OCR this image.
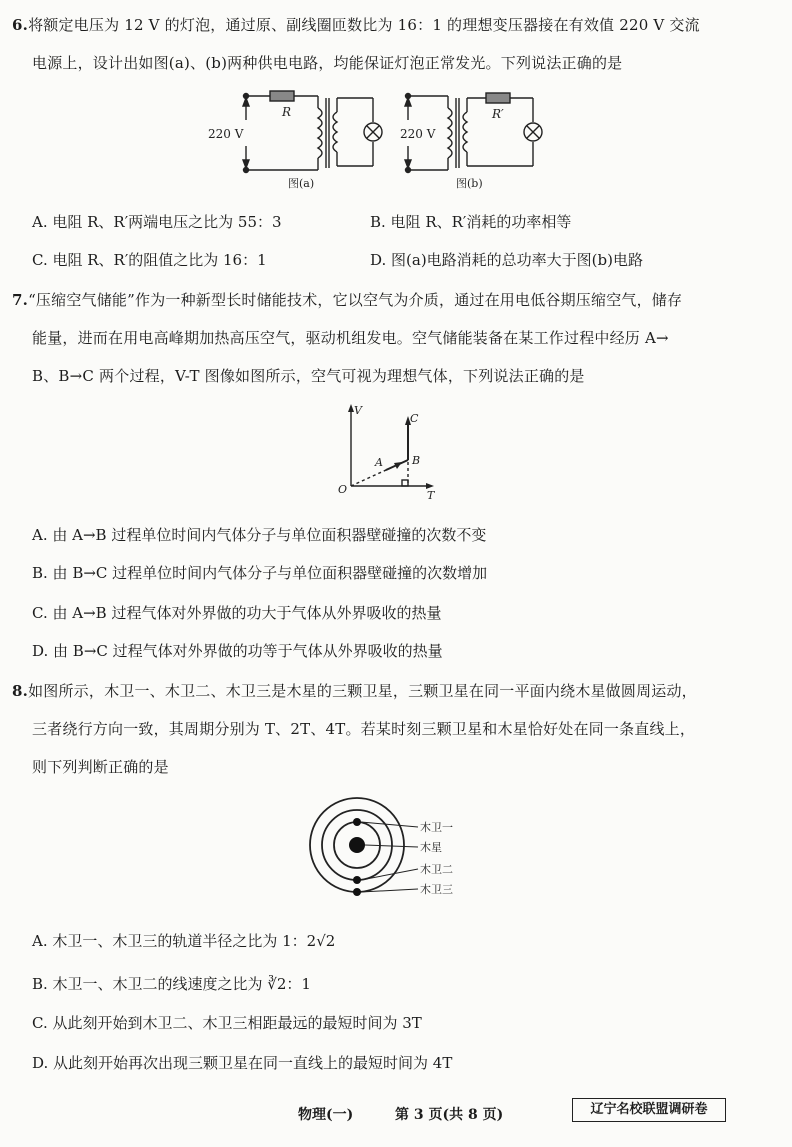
6.将额定电压为 12 V 的灯泡，通过原、副线圈匝数比为 16：1 的理想变压器接在有效值 220 V 交流
电源上，设计出如图(a)、(b)两种供电电路，均能保证灯泡正常发光。下列说法正确的是
220 V
R
图(a)
220 V
R′
图(b)
A. 电阻 R、R′两端电压之比为 55：3	B. 电阻 R、R′消耗的功率相等
C. 电阻 R、R′的阻值之比为 16：1	D. 图(a)电路消耗的总功率大于图(b)电路
7.“压缩空气储能”作为一种新型长时储能技术，它以空气为介质，通过在用电低谷期压缩空气，储存
能量，进而在用电高峰期加热高压空气，驱动机组发电。空气储能装备在某工作过程中经历 A→
B、B→C 两个过程，V-T 图像如图所示，空气可视为理想气体，下列说法正确的是
V
T
O
A	B
C
A. 由 A→B 过程单位时间内气体分子与单位面积器壁碰撞的次数不变
B. 由 B→C 过程单位时间内气体分子与单位面积器壁碰撞的次数增加
C. 由 A→B 过程气体对外界做的功大于气体从外界吸收的热量
D. 由 B→C 过程气体对外界做的功等于气体从外界吸收的热量
8.如图所示，木卫一、木卫二、木卫三是木星的三颗卫星，三颗卫星在同一平面内绕木星做圆周运动，
三者绕行方向一致，其周期分别为 T、2T、4T。若某时刻三颗卫星和木星恰好处在同一条直线上，
则下列判断正确的是
木卫一
木星
木卫二
木卫三
A. 木卫一、木卫三的轨道半径之比为 1：2√2
B. 木卫一、木卫二的线速度之比为 ∛2：1
C. 从此刻开始到木卫二、木卫三相距最远的最短时间为 3T
D. 从此刻开始再次出现三颗卫星在同一直线上的最短时间为 4T
物理(一)	第 3 页(共 8 页)	辽宁名校联盟调研卷
